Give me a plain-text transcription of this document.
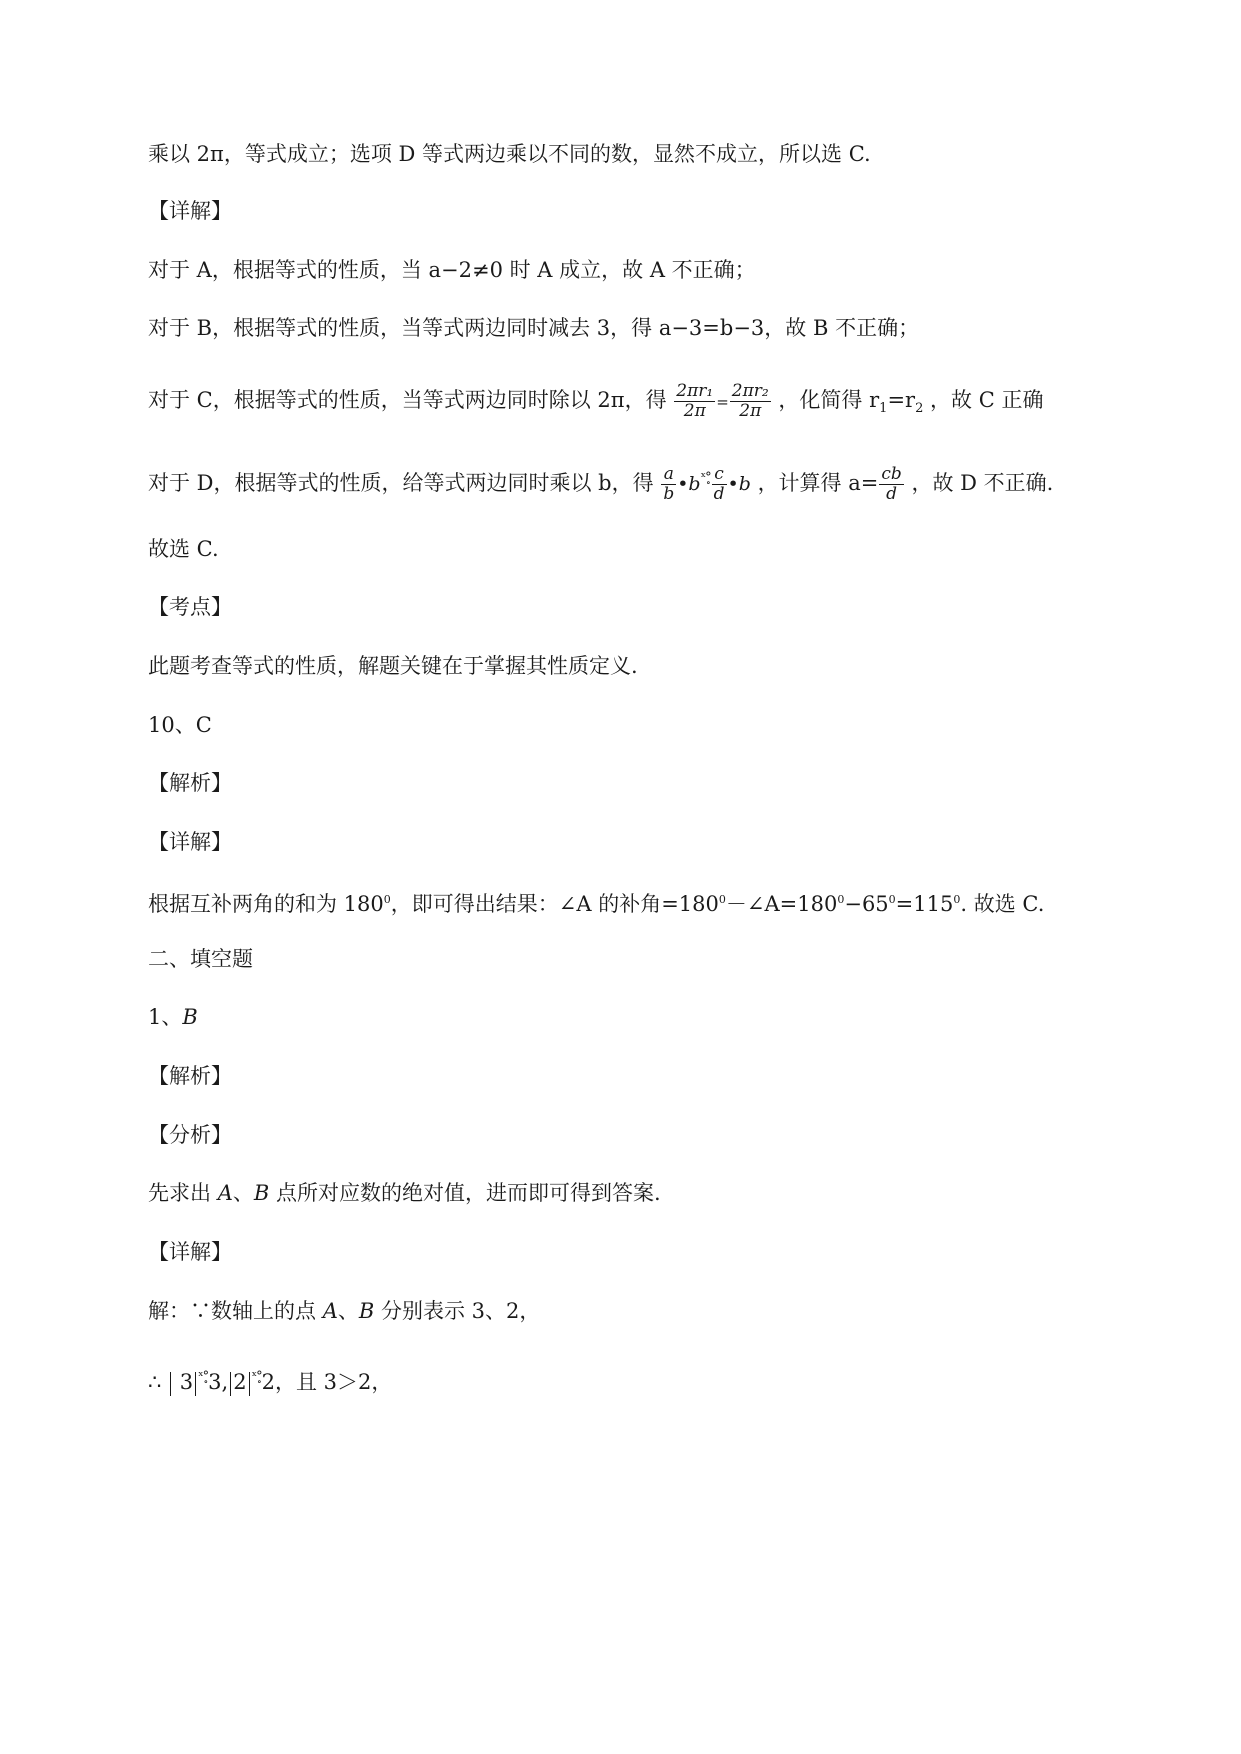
乘以 2π，等式成立；选项 D 等式两边乘以不同的数，显然不成立，所以选 C.
【详解】
对于 A，根据等式的性质，当 a−2≠0 时 A 成立，故 A 不正确；
对于 B，根据等式的性质，当等式两边同时减去 3，得 a−3=b−3，故 B 不正确；
对于 C，根据等式的性质，当等式两边同时除以 2π，得 $\frac{\text{2πr₁}}{2\pi} = \frac{\text{2πr₂}}{2\pi}$ ，化简得 $r_1=r_2$ ，故 C 正确
对于 D，根据等式的性质，给等式两边同时乘以 b，得 $\frac{a}{b}$ $•b^{ˣ^\circ̥} \frac{c}{d}$ •b ，计算得 $a= \frac{cb}{d}$ ，故 D 不正确.
故选 C.
【考点】
此题考查等式的性质，解题关键在于掌握其性质定义.
10、C
【解析】
【详解】
根据互补两角的和为 $180^0$，即可得出结果：∠A 的补角$=180^0-\angle A=180^0-65^0=115^0$. 故选 C.
二、填空题
1、B
【解析】
【分析】
先求出 A、B 点所对应数的绝对值，进而即可得到答案.
【详解】
解：∵数轴上的点 A、B 分别表示 3、2，
∴ 3 $^{ˣ^\circ̥}$3, 2 $^{ˣ^\circ̥}$2，且 3＞2，
